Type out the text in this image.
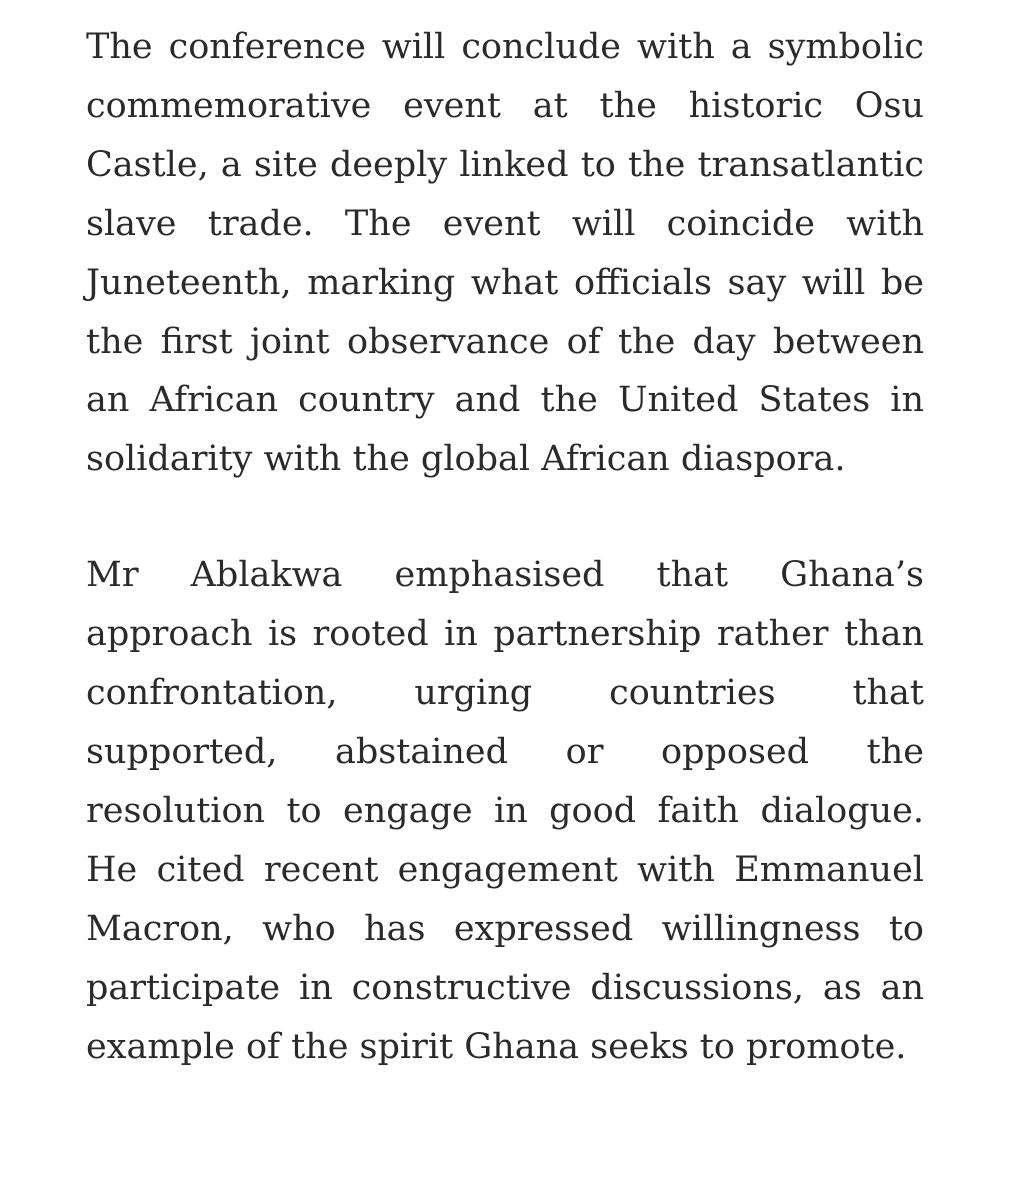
The conference will conclude with a symbolic commemorative event at the historic Osu Castle, a site deeply linked to the transatlantic slave trade. The event will coincide with Juneteenth, marking what officials say will be the first joint observance of the day between an African country and the United States in solidarity with the global African diaspora.

Mr Ablakwa emphasised that Ghana’s approach is rooted in partnership rather than confrontation, urging countries that supported, abstained or opposed the resolution to engage in good faith dialogue. He cited recent engagement with Emmanuel Macron, who has expressed willingness to participate in constructive discussions, as an example of the spirit Ghana seeks to promote.
